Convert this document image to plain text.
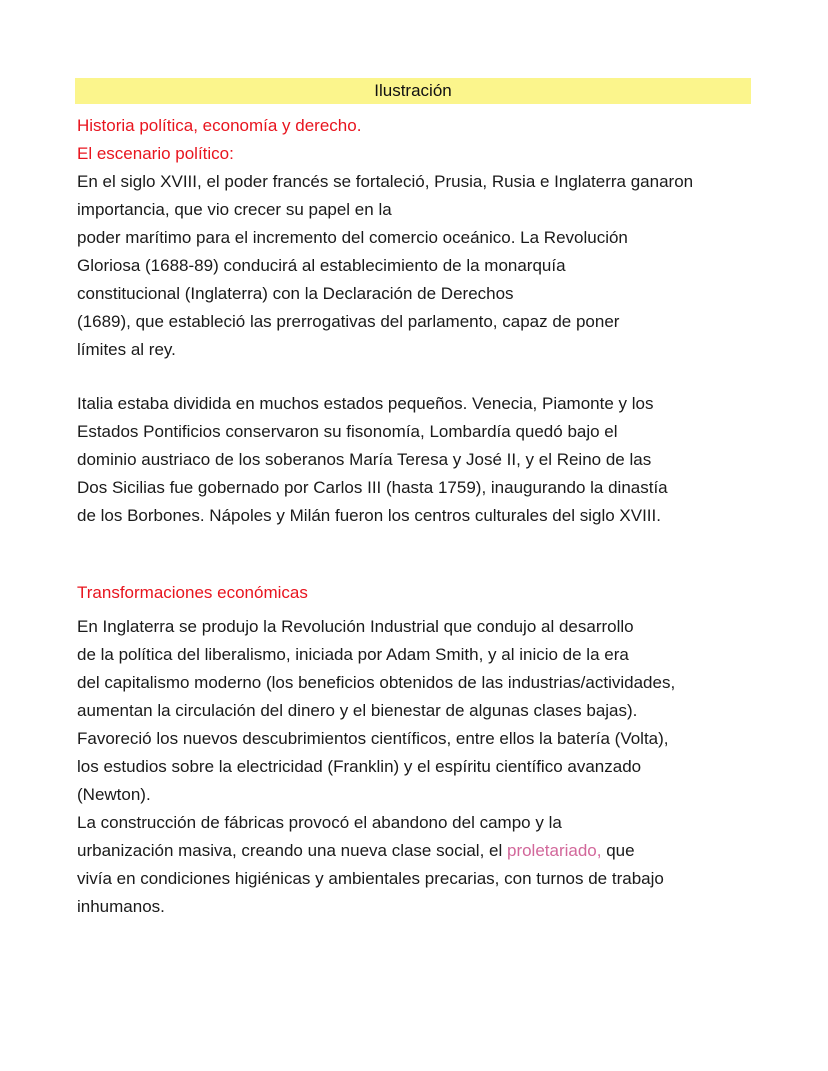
Ilustración
Historia política, economía y derecho.
El escenario político:
En el siglo XVIII, el poder francés se fortaleció, Prusia, Rusia e Inglaterra ganaron
importancia, que vio crecer su papel en la
poder marítimo para el incremento del comercio oceánico. La Revolución
Gloriosa (1688-89) conducirá al establecimiento de la monarquía
constitucional (Inglaterra) con la Declaración de Derechos
(1689), que estableció las prerrogativas del parlamento, capaz de poner
límites al rey.
Italia estaba dividida en muchos estados pequeños. Venecia, Piamonte y los
Estados Pontificios conservaron su fisonomía, Lombardía quedó bajo el
dominio austriaco de los soberanos María Teresa y José II, y el Reino de las
Dos Sicilias fue gobernado por Carlos III (hasta 1759), inaugurando la dinastía
de los Borbones. Nápoles y Milán fueron los centros culturales del siglo XVIII.
Transformaciones económicas
En Inglaterra se produjo la Revolución Industrial que condujo al desarrollo
de la política del liberalismo, iniciada por Adam Smith, y al inicio de la era
del capitalismo moderno (los beneficios obtenidos de las industrias/actividades,
aumentan la circulación del dinero y el bienestar de algunas clases bajas).
Favoreció los nuevos descubrimientos científicos, entre ellos la batería (Volta),
los estudios sobre la electricidad (Franklin) y el espíritu científico avanzado
(Newton).
La construcción de fábricas provocó el abandono del campo y la
urbanización masiva, creando una nueva clase social, el proletariado, que
vivía en condiciones higiénicas y ambientales precarias, con turnos de trabajo
inhumanos.
